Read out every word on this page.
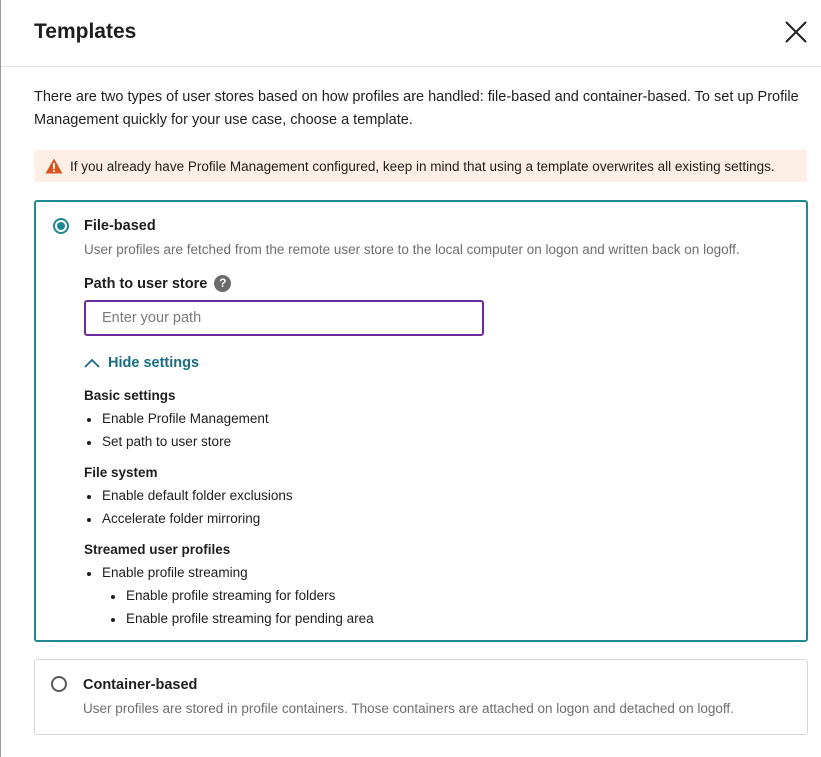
Templates
There are two types of user stores based on how profiles are handled: file-based and container-based. To set up Profile Management quickly for your use case, choose a template.
If you already have Profile Management configured, keep in mind that using a template overwrites all existing settings.
File-based
User profiles are fetched from the remote user store to the local computer on logon and written back on logoff.
Path to user store ?
Enter your path
Hide settings
Basic settings
Enable Profile Management
Set path to user store
File system
Enable default folder exclusions
Accelerate folder mirroring
Streamed user profiles
Enable profile streaming
Enable profile streaming for folders
Enable profile streaming for pending area
Container-based
User profiles are stored in profile containers. Those containers are attached on logon and detached on logoff.
